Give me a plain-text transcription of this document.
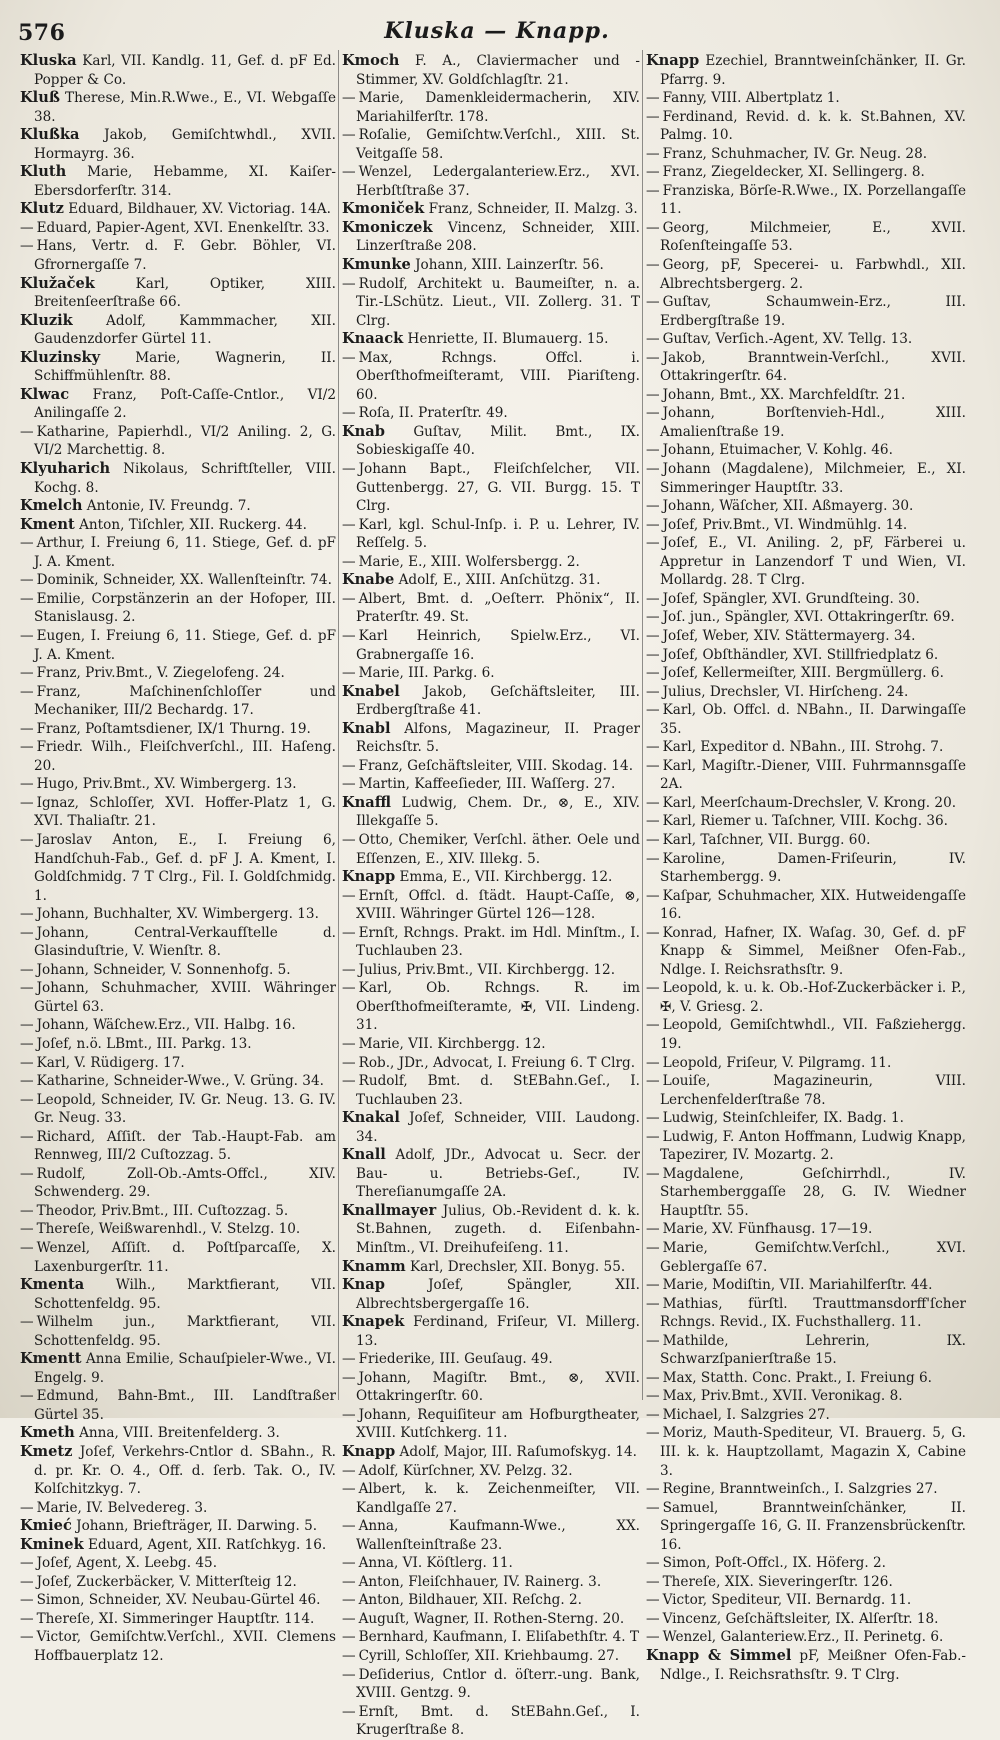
576	Kluska — Knapp.

Kluska Karl, VII. Kandlg. 11, Gef. d. pF Ed. Popper & Co.

Kluß Therese, Min.R.Wwe., E., VI. Webgaſſe 38.

Klußka Jakob, Gemiſchtwhdl., XVII. Hormayrg. 36.

Kluth Marie, Hebamme, XI. Kaiſer-Ebersdorferſtr. 314.

Klutz Eduard, Bildhauer, XV. Victoriag. 14A.

— Eduard, Papier-Agent, XVI. Enenkelſtr. 33.

— Hans, Vertr. d. F. Gebr. Böhler, VI. Gfrornergaſſe 7.

Klužaček	Karl, Optiker, XIII. Breitenſeerſtraße 66.

Kluzik Adolf, Kammmacher, XII. Gaudenzdorfer Gürtel 11.

Kluzinsky	Marie, Wagnerin, II. Schiffmühlenſtr. 88.

Klwac Franz, Poſt-Caſſe-Cntlor., VI/2 Anilingaſſe 2.

— Katharine, Papierhdl., VI/2 Aniling. 2, G. VI/2 Marchettig. 8.

Klyuharich Nikolaus, Schriftſteller, VIII. Kochg. 8.

Kmelch Antonie, IV. Freundg. 7.

Kment Anton, Tiſchler, XII. Ruckerg. 44.

— Arthur, I. Freiung 6, 11. Stiege, Gef. d. pF J. A. Kment.

— Dominik, Schneider, XX. Wallenſteinſtr. 74.

— Emilie, Corpstänzerin an der Hofoper, III. Stanislausg. 2.

— Eugen, I. Freiung 6, 11. Stiege, Gef. d. pF J. A. Kment.

— Franz, Priv.Bmt., V. Ziegelofeng. 24.

— Franz, Maſchinenſchloſſer und Mechaniker, III/2 Bechardg. 17.

— Franz, Poſtamtsdiener, IX/1 Thurng. 19.

— Friedr. Wilh., Fleiſchverſchl., III. Haſeng. 20.

— Hugo, Priv.Bmt., XV. Wimbergerg. 13.

— Ignaz, Schloſſer, XVI. Hoffer-Platz 1, G. XVI. Thaliaſtr. 21.

— Jaroslav Anton, E., I. Freiung 6, Handſchuh-Fab., Gef. d. pF J. A. Kment, I. Goldſchmidg. 7 T Clrg., Fil. I. Goldſchmidg. 1.

— Johann, Buchhalter, XV. Wimbergerg. 13.

— Johann, Central-Verkaufſtelle d. Glasinduſtrie, V. Wienſtr. 8.

— Johann, Schneider, V. Sonnenhofg. 5.

— Johann, Schuhmacher, XVIII. Währinger Gürtel 63.

— Johann, Wäſchew.Erz., VII. Halbg. 16.

— Joſef, n.ö. LBmt., III. Parkg. 13.

— Karl, V. Rüdigerg. 17.

— Katharine, Schneider-Wwe., V. Grüng. 34.

— Leopold, Schneider, IV. Gr. Neug. 13. G. IV. Gr. Neug. 33.

— Richard, Aſſiſt. der Tab.-Haupt-Fab. am Rennweg, III/2 Cuſtozzag. 5.

— Rudolf, Zoll-Ob.-Amts-Offcl., XIV. Schwenderg. 29.

— Theodor, Priv.Bmt., III. Cuſtozzag. 5.

— Thereſe, Weißwarenhdl., V. Stelzg. 10.

— Wenzel, Aſſiſt. d. Poſtſparcaſſe, X. Laxenburgerſtr. 11.

Kmenta Wilh., Marktfierant, VII. Schottenfeldg. 95.

— Wilhelm jun., Marktfierant, VII. Schottenfeldg. 95.

Kmentt Anna Emilie, Schauſpieler-Wwe., VI. Engelg. 9.

— Edmund, Bahn-Bmt., III. Landſtraßer Gürtel 35.

Kmeth Anna, VIII. Breitenfelderg. 3.

Kmetz Joſef, Verkehrs-Cntlor d. SBahn., R. d. pr. Kr. O. 4., Off. d. ſerb. Tak. O., IV. Kolſchitzkyg. 7.

— Marie, IV. Belvedereg. 3.

Kmieć Johann, Briefträger, II. Darwing. 5.

Kminek Eduard, Agent, XII. Ratſchkyg. 16.

— Joſef, Agent, X. Leebg. 45.

— Joſef, Zuckerbäcker, V. Mitterſteig 12.

— Simon, Schneider, XV. Neubau-Gürtel 46.

— Thereſe, XI. Simmeringer Hauptſtr. 114.

— Victor, Gemiſchtw.Verſchl., XVII. Clemens Hoffbauerplatz 12.

Kmoch F. A., Claviermacher und -Stimmer, XV. Goldſchlagſtr. 21.

— Marie, Damenkleidermacherin, XIV. Mariahilferſtr. 178.

— Roſalie, Gemiſchtw.Verſchl., XIII. St. Veitgaſſe 58.

— Wenzel, Ledergalanteriew.Erz., XVI. Herbſtſtraße 37.

Kmoniček Franz, Schneider, II. Malzg. 3.

Kmoniczek Vincenz, Schneider, XIII. Linzerſtraße 208.

Kmunke Johann, XIII. Lainzerſtr. 56.

— Rudolf, Architekt u. Baumeiſter, n. a. Tir.-LSchütz. Lieut., VII. Zollerg. 31. T Clrg.

Knaack Henriette, II. Blumauerg. 15.

— Max, Rchngs. Offcl. i. Oberſthofmeiſteramt, VIII. Piariſteng. 60.

— Roſa, II. Praterſtr. 49.

Knab Guſtav, Milit. Bmt., IX. Sobieskigaſſe 40.

— Johann Bapt., Fleiſchſelcher, VII. Guttenbergg. 27, G. VII. Burgg. 15. T Clrg.

— Karl, kgl. Schul-Inſp. i. P. u. Lehrer, IV. Reſſelg. 5.

— Marie, E., XIII. Wolfersbergg. 2.

Knabe Adolf, E., XIII. Anſchützg. 31.

— Albert, Bmt. d. „Oeſterr. Phönix“, II. Praterſtr. 49. St.

— Karl Heinrich, Spielw.Erz., VI. Grabnergaſſe 16.

— Marie, III. Parkg. 6.

Knabel Jakob, Geſchäftsleiter, III. Erdbergſtraße 41.

Knabl Alfons, Magazineur, II. Prager Reichsſtr. 5.

— Franz, Geſchäftsleiter, VIII. Skodag. 14.

— Martin, Kaffeeſieder, III. Waſſerg. 27.

Knaffl Ludwig, Chem. Dr., ⊗, E., XIV. Illekgaſſe 5.

— Otto, Chemiker, Verſchl. äther. Oele und Eſſenzen, E., XIV. Illekg. 5.

Knapp Emma, E., VII. Kirchbergg. 12.

— Ernſt, Offcl. d. ſtädt. Haupt-Caſſe, ⊗, XVIII. Währinger Gürtel 126—128.

— Ernſt, Rchngs. Prakt. im Hdl. Minſtm., I. Tuchlauben 23.

— Julius, Priv.Bmt., VII. Kirchbergg. 12.

— Karl, Ob. Rchngs. R. im Oberſthofmeiſteramte, ✠, VII. Lindeng. 31.

— Marie, VII. Kirchbergg. 12.

— Rob., JDr., Advocat, I. Freiung 6. T Clrg.

— Rudolf, Bmt. d. StEBahn.Geſ., I. Tuchlauben 23.

Knakal Joſef, Schneider, VIII. Laudong. 34.

Knall Adolf, JDr., Advocat u. Secr. der Bau- u. Betriebs-Geſ., IV. Thereſianumgaſſe 2A.

Knallmayer Julius, Ob.-Revident d. k. k. St.Bahnen, zugeth. d. Eiſenbahn-Minſtm., VI. Dreihufeiſeng. 11.

Knamm Karl, Drechsler, XII. Bonyg. 55.

Knap	Joſef, Spängler, XII. Albrechtsbergergaſſe 16.

Knapek Ferdinand, Friſeur, VI. Millerg. 13.

— Friederike, III. Geuſaug. 49.

— Johann, Magiſtr. Bmt., ⊗, XVII. Ottakringerſtr. 60.

— Johann, Requiſiteur am Hofburgtheater, XVIII. Kutſchkerg. 11.

Knapp Adolf, Major, III. Raſumofskyg. 14.

— Adolf, Kürſchner, XV. Pelzg. 32.

— Albert, k. k. Zeichenmeiſter, VII. Kandlgaſſe 27.

— Anna, Kaufmann-Wwe., XX. Wallenſteinſtraße 23.

— Anna, VI. Köſtlerg. 11.

— Anton, Fleiſchhauer, IV. Rainerg. 3.

— Anton, Bildhauer, XII. Reſchg. 2.

— Auguſt, Wagner, II. Rothen-Sterng. 20.

— Bernhard, Kaufmann, I. Eliſabethſtr. 4. T

— Cyrill, Schloſſer, XII. Kriehbaumg. 27.

— Deſiderius, Cntlor d. öſterr.-ung. Bank, XVIII. Gentzg. 9.

— Ernſt, Bmt. d. StEBahn.Geſ., I. Krugerſtraße 8.

Knapp Ezechiel, Branntweinſchänker, II. Gr. Pfarrg. 9.

— Fanny, VIII. Albertplatz 1.

— Ferdinand, Revid. d. k. k. St.Bahnen, XV. Palmg. 10.

— Franz, Schuhmacher, IV. Gr. Neug. 28.

— Franz, Ziegeldecker, XI. Sellingerg. 8.

— Franziska, Börſe-R.Wwe., IX. Porzellangaſſe 11.

— Georg, Milchmeier, E., XVII. Roſenſteingaſſe 53.

— Georg, pF, Specerei- u. Farbwhdl., XII. Albrechtsbergerg. 2.

— Guſtav, Schaumwein-Erz., III. Erdbergſtraße 19.

— Guſtav, Verſich.-Agent, XV. Tellg. 13.

— Jakob, Branntwein-Verſchl., XVII. Ottakringerſtr. 64.

— Johann, Bmt., XX. Marchfeldſtr. 21.

— Johann, Borſtenvieh-Hdl., XIII. Amalienſtraße 19.

— Johann, Etuimacher, V. Kohlg. 46.

— Johann (Magdalene), Milchmeier, E., XI. Simmeringer Hauptſtr. 33.

— Johann, Wäſcher, XII. Aßmayerg. 30.

— Joſef, Priv.Bmt., VI. Windmühlg. 14.

— Joſef, E., VI. Aniling. 2, pF, Färberei u. Appretur in Lanzendorf T und Wien, VI. Mollardg. 28. T Clrg.

— Joſef, Spängler, XVI. Grundſteing. 30.

— Joſ. jun., Spängler, XVI. Ottakringerſtr. 69.

— Joſef, Weber, XIV. Stättermayerg. 34.

— Joſef, Obſthändler, XVI. Stillfriedplatz 6.

— Joſef, Kellermeiſter, XIII. Bergmüllerg. 6.

— Julius, Drechsler, VI. Hirſcheng. 24.

— Karl, Ob. Offcl. d. NBahn., II. Darwingaſſe 35.

— Karl, Expeditor d. NBahn., III. Strohg. 7.

— Karl, Magiſtr.-Diener, VIII. Fuhrmannsgaſſe 2A.

— Karl, Meerſchaum-Drechsler, V. Krong. 20.

— Karl, Riemer u. Taſchner, VIII. Kochg. 36.

— Karl, Taſchner, VII. Burgg. 60.

— Karoline, Damen-Friſeurin, IV. Starhembergg. 9.

— Kaſpar, Schuhmacher, XIX. Hutweidengaſſe 16.

— Konrad, Hafner, IX. Waſag. 30, Gef. d. pF Knapp & Simmel, Meißner Ofen-Fab., Ndlge. I. Reichsrathsſtr. 9.

— Leopold, k. u. k. Ob.-Hof-Zuckerbäcker i. P., ✠, V. Griesg. 2.

— Leopold, Gemiſchtwhdl., VII. Faßziehergg. 19.

— Leopold, Friſeur, V. Pilgramg. 11.

— Louiſe, Magazineurin, VIII. Lerchenfelderſtraße 78.

— Ludwig, Steinſchleifer, IX. Badg. 1.

— Ludwig, F. Anton Hoffmann, Ludwig Knapp, Tapezirer, IV. Mozartg. 2.

— Magdalene, Geſchirrhdl., IV. Starhemberggaſſe 28, G. IV. Wiedner Hauptſtr. 55.

— Marie, XV. Fünfhausg. 17—19.

— Marie, Gemiſchtw.Verſchl., XVI. Geblergaſſe 67.

— Marie, Modiſtin, VII. Mariahilferſtr. 44.

— Mathias, fürſtl. Trauttmansdorff'ſcher Rchngs. Revid., IX. Fuchsthallerg. 11.

— Mathilde, Lehrerin, IX. Schwarzſpanierſtraße 15.

— Max, Statth. Conc. Prakt., I. Freiung 6.

— Max, Priv.Bmt., XVII. Veronikag. 8.

— Michael, I. Salzgries 27.

— Moriz, Mauth-Spediteur, VI. Brauerg. 5, G. III. k. k. Hauptzollamt, Magazin X, Cabine 3.

— Regine, Branntweinſch., I. Salzgries 27.

— Samuel, Branntweinſchänker, II. Springergaſſe 16, G. II. Franzensbrückenſtr. 16.

— Simon, Poſt-Offcl., IX. Höferg. 2.

— Thereſe, XIX. Sieveringerſtr. 126.

— Victor, Spediteur, VII. Bernardg. 11.

— Vincenz, Geſchäftsleiter, IX. Alſerſtr. 18.

— Wenzel, Galanteriew.Erz., II. Perinetg. 6.

Knapp & Simmel pF, Meißner Ofen-Fab.-Ndlge., I. Reichsrathsſtr. 9. T Clrg.
